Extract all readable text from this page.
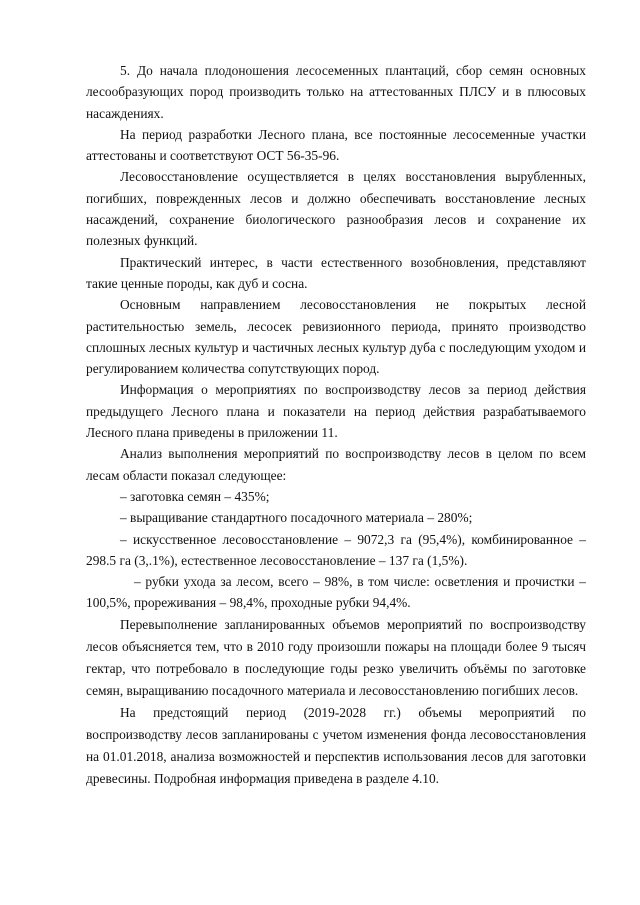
5. До начала плодоношения лесосеменных плантаций, сбор семян основных лесообразующих пород производить только на аттестованных ПЛСУ и в плюсовых насаждениях.

На период разработки Лесного плана, все постоянные лесосеменные участки аттестованы и соответствуют ОСТ 56-35-96.

Лесовосстановление осуществляется в целях восстановления вырубленных, погибших, поврежденных лесов и должно обеспечивать восстановление лесных насаждений, сохранение биологического разнообразия лесов и сохранение их полезных функций.

Практический интерес, в части естественного возобновления, представляют такие ценные породы, как дуб и сосна.

Основным направлением лесовосстановления не покрытых лесной растительностью земель, лесосек ревизионного периода, принято производство сплошных лесных культур и частичных лесных культур дуба с последующим уходом и регулированием количества сопутствующих пород.

Информация о мероприятиях по воспроизводству лесов за период действия предыдущего Лесного плана и показатели на период действия разрабатываемого Лесного плана приведены в приложении 11.

Анализ выполнения мероприятий по воспроизводству лесов в целом по всем лесам области показал следующее:

– заготовка семян – 435%;

– выращивание стандартного посадочного материала – 280%;

– искусственное лесовосстановление – 9072,3 га (95,4%), комбинированное – 298.5 га (3,.1%), естественное лесовосстановление – 137 га (1,5%).

– рубки ухода за лесом, всего – 98%, в том числе: осветления и прочистки – 100,5%, прореживания – 98,4%, проходные рубки 94,4%.

Перевыполнение запланированных объемов мероприятий по воспроизводству лесов объясняется тем, что в 2010 году произошли пожары на площади более 9 тысяч гектар, что потребовало в последующие годы резко увеличить объёмы по заготовке семян, выращиванию посадочного материала и лесовосстановлению погибших лесов.

На предстоящий период (2019-2028 гг.) объемы мероприятий по воспроизводству лесов запланированы с учетом изменения фонда лесовосстановления на 01.01.2018, анализа возможностей и перспектив использования лесов для заготовки древесины. Подробная информация приведена в разделе 4.10.
